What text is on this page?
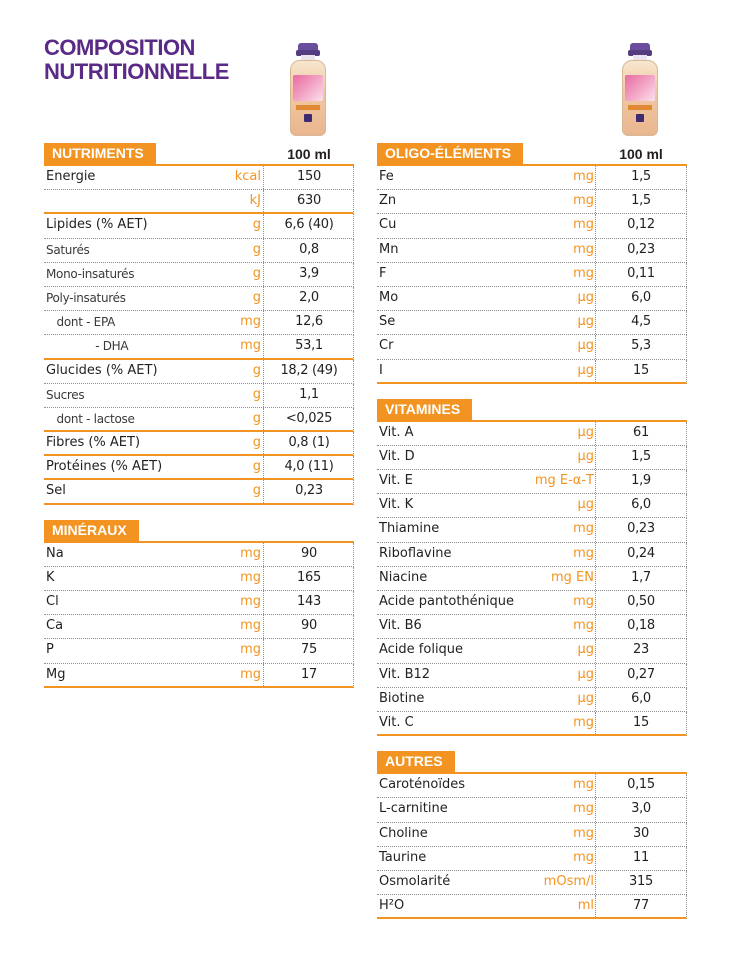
COMPOSITION
NUTRITIONNELLE
NUTRIMENTS	100 ml
Energie	kcal	150
kJ	630
Lipides (% AET)	g 6,6 (40)
Saturés	g	0,8
Mono-insaturés	g	3,9
Poly-insaturés	g	2,0
dont - EPA	mg	12,6
- DHA	mg	53,1
Glucides (% AET)	g 18,2 (49)
Sucres	g	1,1
dont - lactose	g <0,025
Fibres (% AET)	g 0,8 (1)
Protéines (% AET)	g 4,0 (11)
Sel	g	0,23
MINÉRAUX
Na	mg	90
K	mg	165
Cl	mg	143
Ca	mg	90
P	mg	75
Mg	mg	17
OLIGO-ÉLÉMENTS	100 ml
Fe	mg	1,5
Zn	mg	1,5
Cu	mg	0,12
Mn	mg	0,23
F	mg	0,11
Mo	µg	6,0
Se	µg	4,5
Cr	µg	5,3
I	µg	15
VITAMINES
Vit. A	µg	61
Vit. D	µg	1,5
Vit. E	mg E-α-T	1,9
Vit. K	µg	6,0
Thiamine	mg	0,23
Riboflavine	mg	0,24
Niacine	mg EN	1,7
Acide pantothénique	mg	0,50
Vit. B6	mg	0,18
Acide folique	µg	23
Vit. B12	µg	0,27
Biotine	µg	6,0
Vit. C	mg	15
AUTRES
Caroténoïdes	mg	0,15
L-carnitine	mg	3,0
Choline	mg	30
Taurine	mg	11
Osmolarité	mOsm/l	315
H²O	ml	77
